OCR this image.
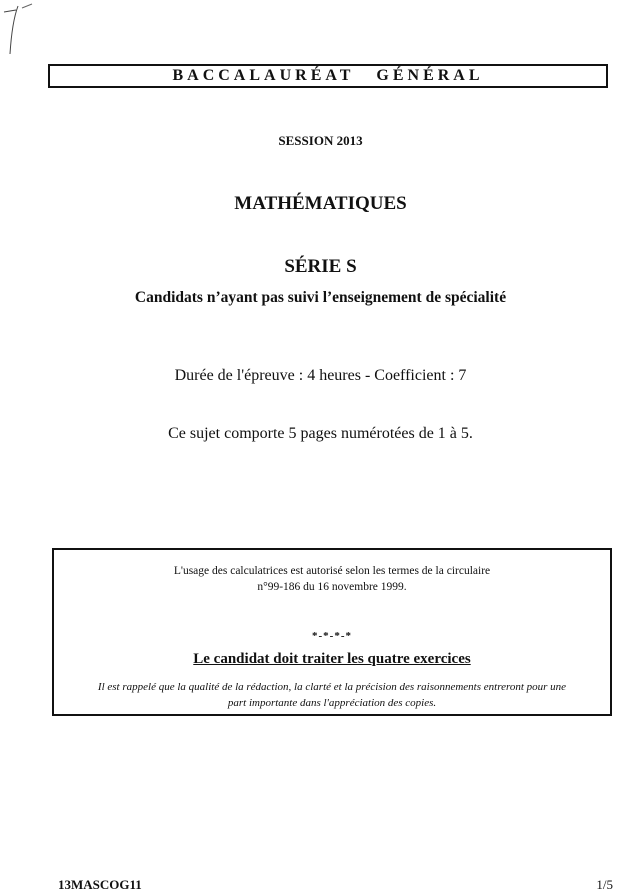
BACCALAURÉAT GÉNÉRAL
SESSION 2013
MATHÉMATIQUES
SÉRIE S
Candidats n’ayant pas suivi l’enseignement de spécialité
Durée de l'épreuve : 4 heures - Coefficient : 7
Ce sujet comporte 5 pages numérotées de 1 à 5.
L'usage des calculatrices est autorisé selon les termes de la circulaire
n°99-186 du 16 novembre 1999.
*-*-*-*
Le candidat doit traiter les quatre exercices
Il est rappelé que la qualité de la rédaction, la clarté et la précision des raisonnements entreront pour une
part importante dans l'appréciation des copies.
13MASCOG11	1/5
